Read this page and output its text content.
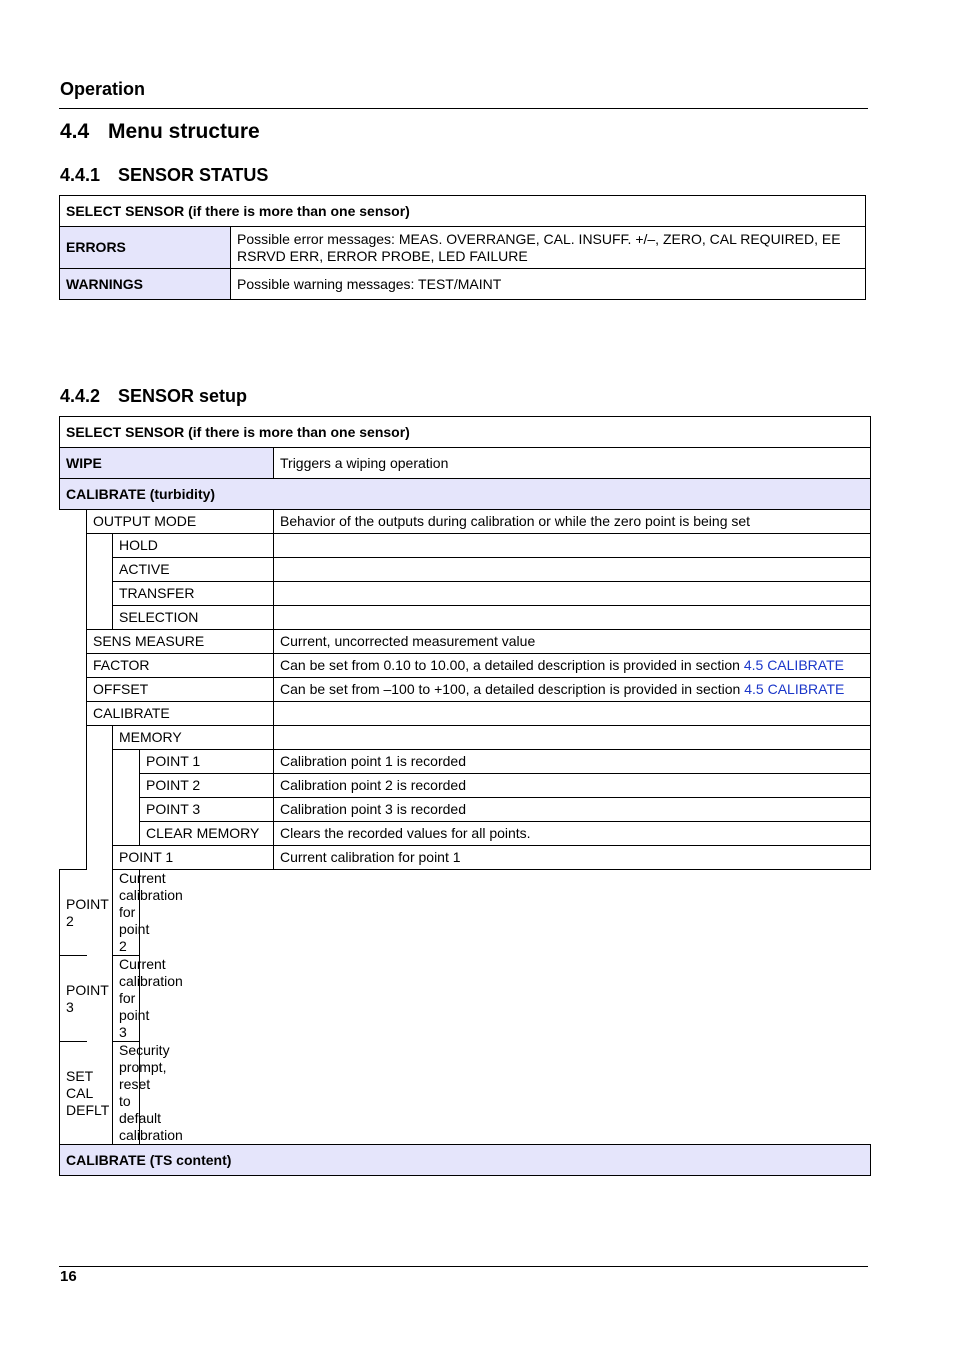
Operation
4.4 Menu structure
4.4.1 SENSOR STATUS
SELECT SENSOR (if there is more than one sensor)	
ERRORS	Possible error messages: MEAS. OVERRANGE, CAL. INSUFF. +/–, ZERO, CAL REQUIRED, EE RSRVD ERR, ERROR PROBE, LED FAILURE
WARNINGS	Possible warning messages: TEST/MAINT
4.4.2 SENSOR setup
SELECT SENSOR (if there is more than one sensor)				
WIPE				Triggers a wiping operation
CALIBRATE (turbidity)				
	OUTPUT MODE			Behavior of the outputs during calibration or while the zero point is being set
		HOLD		
		ACTIVE		
		TRANSFER		
		SELECTION		
	SENS MEASURE			Current, uncorrected measurement value
	FACTOR			Can be set from 0.10 to 10.00, a detailed description is provided in section 4.5 CALIBRATE
	OFFSET			Can be set from –100 to +100, a detailed description is provided in section 4.5 CALIBRATE
	CALIBRATE			
		MEMORY		
			POINT 1	Calibration point 1 is recorded
			POINT 2	Calibration point 2 is recorded
			POINT 3	Calibration point 3 is recorded
			CLEAR MEMORY	Clears the recorded values for all points.
		POINT 1		Current calibration for point 1
POINT 2		Current calibration for point 2		
POINT 3		Current calibration for point 3		
SET CAL DEFLT		Security prompt, reset to default calibration		
CALIBRATE (TS content)				
16
